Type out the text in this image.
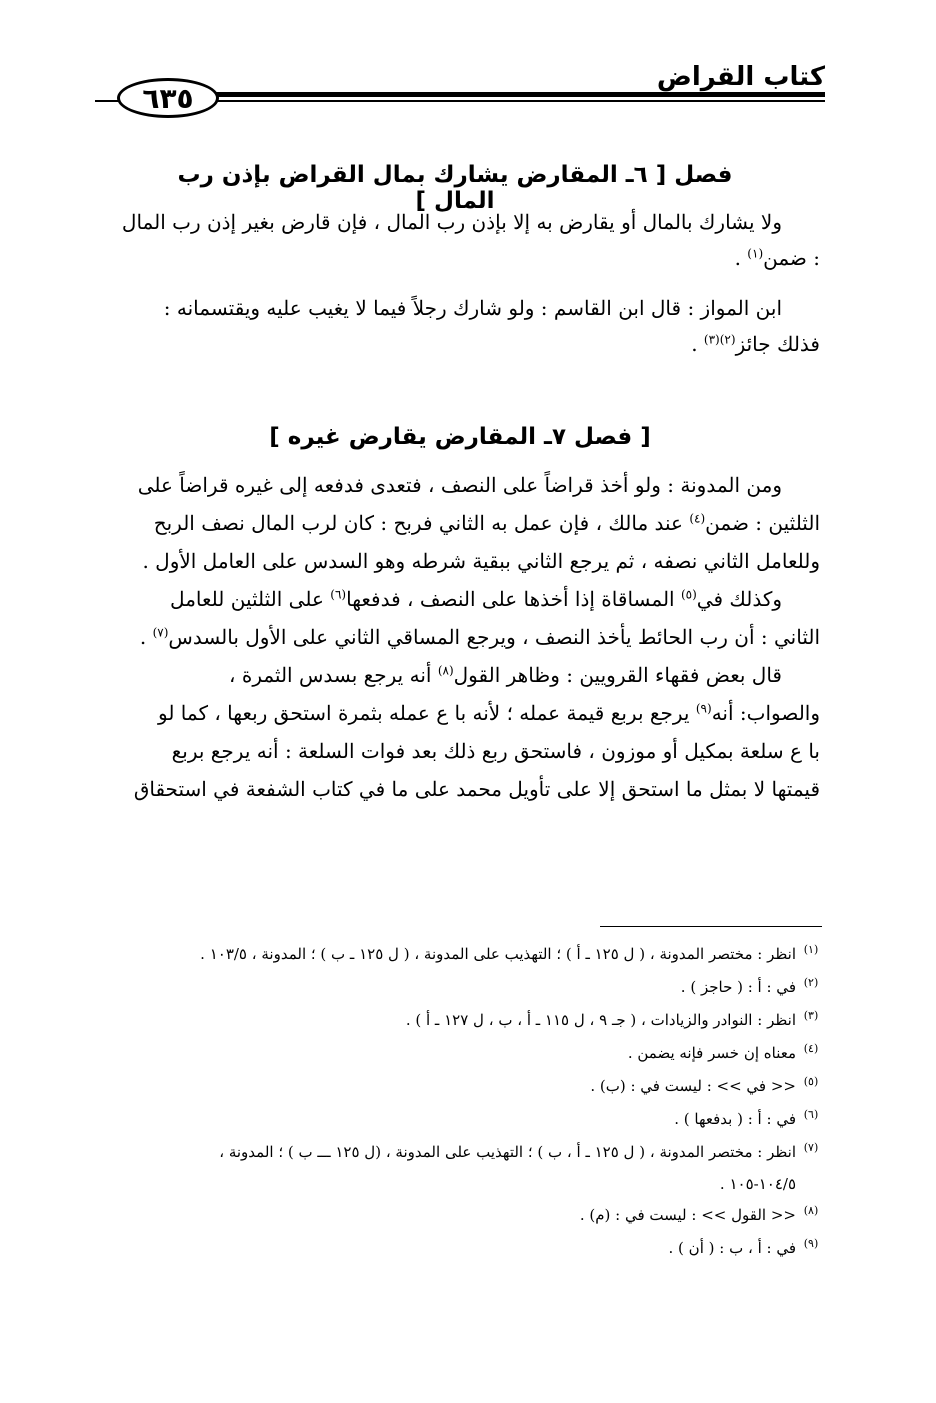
كتاب القراض
٦٣٥
فصل [ ٦ـ المقارض يشارك بمال القراض بإذن رب المال ]
ولا يشارك بالمال أو يقارض به إلا بإذن رب المال ، فإن قارض بغير إذن رب المال
: ضمن$^{(١)}$ .
ابن المواز : قال ابن القاسم : ولو شارك رجلاً فيما لا يغيب عليه ويقتسمانه :
فذلك جائز$^{(٢)(٣)}$ .
[ فصل ٧ـ المقارض يقارض غيره ]
ومن المدونة : ولو أخذ قراضاً على النصف ، فتعدى فدفعه إلى غيره قراضاً على
الثلثين : ضمن$^{(٤)}$ عند مالك ، فإن عمل به الثاني فربح : كان لرب المال نصف الربح
وللعامل الثاني نصفه ، ثم يرجع الثاني ببقية شرطه وهو السدس على العامل الأول .
وكذلك في$^{(٥)}$ المساقاة إذا أخذها على النصف ، فدفعها$^{(٦)}$ على الثلثين للعامل
الثاني : أن رب الحائط يأخذ النصف ، ويرجع المساقي الثاني على الأول بالسدس$^{(٧)}$ .
قال بعض فقهاء القرويين : وظاهر القول$^{(٨)}$ أنه يرجع بسدس الثمرة ،
والصواب: أنه$^{(٩)}$ يرجع بربع قيمة عمله ؛ لأنه با ع عمله بثمرة استحق ربعها ، كما لو
با ع سلعة بمكيل أو موزون ، فاستحق ربع ذلك بعد فوات السلعة : أنه يرجع بربع
قيمتها لا بمثل ما استحق إلا على تأويل محمد على ما في كتاب الشفعة في استحقاق
(١)
انظر : مختصر المدونة ، ( ل ١٢٥ ـ أ ) ؛ التهذيب على المدونة ، ( ل ١٢٥ ـ ب ) ؛ المدونة ، ١٠٣/٥ .
(٢)
في : أ : ( حاجز ) .
(٣)
انظر : النوادر والزيادات ، ( جـ ٩ ، ل ١١٥ ـ أ ، ب ، ل ١٢٧ ـ أ ) .
(٤)
معناه إن خسر فإنه يضمن .
(٥)
<< في >> : ليست في : (ب) .
(٦)
في : أ : ( بدفعها ) .
(٧)
انظر : مختصر المدونة ، ( ل ١٢٥ ـ أ ، ب ) ؛ التهذيب على المدونة ، (ل ١٢٥ ـــ ب ) ؛ المدونة ،
١٠٤/٥-١٠٥ .
(٨)
<< القول >> : ليست في : (م) .
(٩)
في : أ ، ب : ( أن ) .
